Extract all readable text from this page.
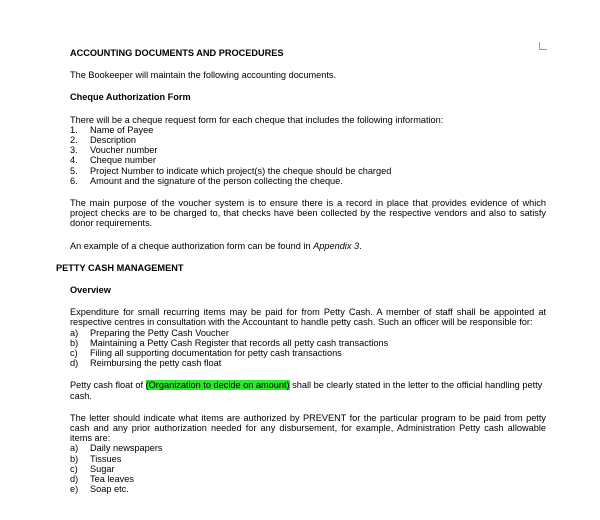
ACCOUNTING DOCUMENTS AND PROCEDURES

The Bookeeper will maintain the following accounting documents.

Cheque Authorization Form

There will be a cheque request form for each cheque that includes the following information:

1. Name of Payee
2. Description
3. Voucher number
4. Cheque number
5. Project Number to indicate which project(s) the cheque should be charged
6. Amount and the signature of the person collecting the cheque.

The main purpose of the voucher system is to ensure there is a record in place that provides evidence of which project checks are to be charged to, that checks have been collected by the respective vendors and also to satisfy donor requirements.

An example of a cheque authorization form can be found in Appendix 3.

PETTY CASH MANAGEMENT

Overview

Expenditure for small recurring items may be paid for from Petty Cash. A member of staff shall be appointed at respective centres in consultation with the Accountant to handle petty cash. Such an officer will be responsible for:

a) Preparing the Petty Cash Voucher
b) Maintaining a Petty Cash Register that records all petty cash transactions
c) Filing all supporting documentation for petty cash transactions
d) Reimbursing the petty cash float

Petty cash float of (Organization to decide on amount) shall be clearly stated in the letter to the official handling petty cash.

The letter should indicate what items are authorized by PREVENT for the particular program to be paid from petty cash and any prior authorization needed for any disbursement, for example, Administration Petty cash allowable items are:

a) Daily newspapers
b) Tissues
c) Sugar
d) Tea leaves
e) Soap etc.
